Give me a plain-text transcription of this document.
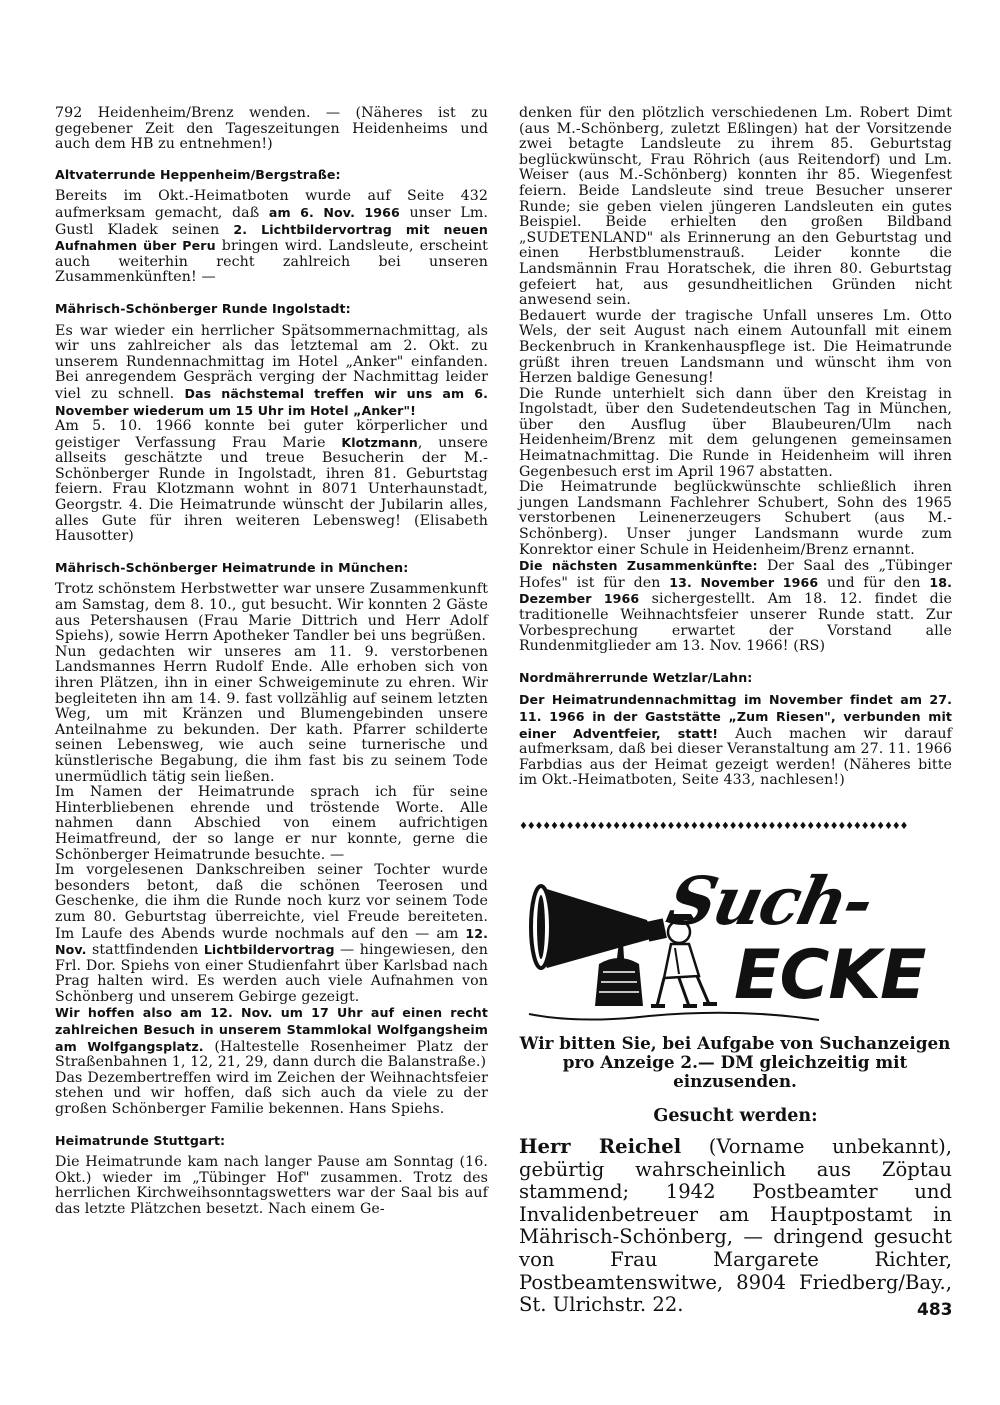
792 Heidenheim/Brenz wenden. — (Näheres ist zu gegebener Zeit den Tageszeitungen Heidenheims und auch dem HB zu entnehmen!)

Altvaterrunde Heppenheim/Bergstraße:

Bereits im Okt.-Heimatboten wurde auf Seite 432 aufmerksam gemacht, daß am 6. Nov. 1966 unser Lm. Gustl Kladek seinen 2. Lichtbildervortrag mit neuen Aufnahmen über Peru bringen wird. Landsleute, erscheint auch weiterhin recht zahlreich bei unseren Zusammenkünften! —

Mährisch-Schönberger Runde Ingolstadt:

Es war wieder ein herrlicher Spätsommernachmittag, als wir uns zahlreicher als das letztemal am 2. Okt. zu unserem Rundennachmittag im Hotel „Anker" einfanden. Bei anregendem Gespräch verging der Nachmittag leider viel zu schnell. Das nächstemal treffen wir uns am 6. November wiederum um 15 Uhr im Hotel „Anker"!

Am 5. 10. 1966 konnte bei guter körperlicher und geistiger Verfassung Frau Marie Klotzmann, unsere allseits geschätzte und treue Besucherin der M.-Schönberger Runde in Ingolstadt, ihren 81. Geburtstag feiern. Frau Klotzmann wohnt in 8071 Unterhaunstadt, Georgstr. 4. Die Heimatrunde wünscht der Jubilarin alles, alles Gute für ihren weiteren Lebensweg! (Elisabeth Hausotter)

Mährisch-Schönberger Heimatrunde in München:

Trotz schönstem Herbstwetter war unsere Zusammenkunft am Samstag, dem 8. 10., gut besucht. Wir konnten 2 Gäste aus Petershausen (Frau Marie Dittrich und Herr Adolf Spiehs), sowie Herrn Apotheker Tandler bei uns begrüßen.

Nun gedachten wir unseres am 11. 9. verstorbenen Landsmannes Herrn Rudolf Ende. Alle erhoben sich von ihren Plätzen, ihn in einer Schweigeminute zu ehren. Wir begleiteten ihn am 14. 9. fast vollzählig auf seinem letzten Weg, um mit Kränzen und Blumengebinden unsere Anteilnahme zu bekunden. Der kath. Pfarrer schilderte seinen Lebensweg, wie auch seine turnerische und künstlerische Begabung, die ihm fast bis zu seinem Tode unermüdlich tätig sein ließen.

Im Namen der Heimatrunde sprach ich für seine Hinterbliebenen ehrende und tröstende Worte. Alle nahmen dann Abschied von einem aufrichtigen Heimatfreund, der so lange er nur konnte, gerne die Schönberger Heimatrunde besuchte. —

Im vorgelesenen Dankschreiben seiner Tochter wurde besonders betont, daß die schönen Teerosen und Geschenke, die ihm die Runde noch kurz vor seinem Tode zum 80. Geburtstag überreichte, viel Freude bereiteten. Im Laufe des Abends wurde nochmals auf den — am 12. Nov. stattfindenden Lichtbildervortrag — hingewiesen, den Frl. Dor. Spiehs von einer Studienfahrt über Karlsbad nach Prag halten wird. Es werden auch viele Aufnahmen von Schönberg und unserem Gebirge gezeigt.

Wir hoffen also am 12. Nov. um 17 Uhr auf einen recht zahlreichen Besuch in unserem Stammlokal Wolfgangsheim am Wolfgangsplatz. (Haltestelle Rosenheimer Platz der Straßenbahnen 1, 12, 21, 29, dann durch die Balanstraße.)

Das Dezembertreffen wird im Zeichen der Weihnachtsfeier stehen und wir hoffen, daß sich auch da viele zu der großen Schönberger Familie bekennen. Hans Spiehs.

Heimatrunde Stuttgart:

Die Heimatrunde kam nach langer Pause am Sonntag (16. Okt.) wieder im „Tübinger Hof" zusammen. Trotz des herrlichen Kirchweihsonntagswetters war der Saal bis auf das letzte Plätzchen besetzt. Nach einem Ge-

denken für den plötzlich verschiedenen Lm. Robert Dimt (aus M.-Schönberg, zuletzt Eßlingen) hat der Vorsitzende zwei betagte Landsleute zu ihrem 85. Geburtstag beglückwünscht, Frau Röhrich (aus Reitendorf) und Lm. Weiser (aus M.-Schönberg) konnten ihr 85. Wiegenfest feiern. Beide Landsleute sind treue Besucher unserer Runde; sie geben vielen jüngeren Landsleuten ein gutes Beispiel. Beide erhielten den großen Bildband „SUDETENLAND" als Erinnerung an den Geburtstag und einen Herbstblumenstrauß. Leider konnte die Landsmännin Frau Horatschek, die ihren 80. Geburtstag gefeiert hat, aus gesundheitlichen Gründen nicht anwesend sein.

Bedauert wurde der tragische Unfall unseres Lm. Otto Wels, der seit August nach einem Autounfall mit einem Beckenbruch in Krankenhauspflege ist. Die Heimatrunde grüßt ihren treuen Landsmann und wünscht ihm von Herzen baldige Genesung!

Die Runde unterhielt sich dann über den Kreistag in Ingolstadt, über den Sudetendeutschen Tag in München, über den Ausflug über Blaubeuren/Ulm nach Heidenheim/Brenz mit dem gelungenen gemeinsamen Heimatnachmittag. Die Runde in Heidenheim will ihren Gegenbesuch erst im April 1967 abstatten.

Die Heimatrunde beglückwünschte schließlich ihren jungen Landsmann Fachlehrer Schubert, Sohn des 1965 verstorbenen Leinenerzeugers Schubert (aus M.-Schönberg). Unser junger Landsmann wurde zum Konrektor einer Schule in Heidenheim/Brenz ernannt.

Die nächsten Zusammenkünfte: Der Saal des „Tübinger Hofes" ist für den 13. November 1966 und für den 18. Dezember 1966 sichergestellt. Am 18. 12. findet die traditionelle Weihnachtsfeier unserer Runde statt. Zur Vorbesprechung erwartet der Vorstand alle Rundenmitglieder am 13. Nov. 1966! (RS)

Nordmährerrunde Wetzlar/Lahn:

Der Heimatrundennachmittag im November findet am 27. 11. 1966 in der Gaststätte „Zum Riesen", verbunden mit einer Adventfeier, statt! Auch machen wir darauf aufmerksam, daß bei dieser Veranstaltung am 27. 11. 1966 Farbdias aus der Heimat gezeigt werden! (Näheres bitte im Okt.-Heimatboten, Seite 433, nachlesen!)

♦♦♦♦♦♦♦♦♦♦♦♦♦♦♦♦♦♦♦♦♦♦♦♦♦♦♦♦♦♦♦♦♦♦♦♦♦♦♦♦♦♦♦♦♦♦♦♦♦♦
Such-
ECKE
Wir bitten Sie, bei Aufgabe von Suchanzeigen pro Anzeige 2.— DM gleichzeitig mit einzusenden.
Gesucht werden:
Herr Reichel (Vorname unbekannt), gebürtig wahrscheinlich aus Zöptau stammend; 1942 Postbeamter und Invalidenbetreuer am Hauptpostamt in Mährisch-Schönberg, — dringend gesucht von Frau Margarete Richter, Postbeamtenswitwe, 8904 Friedberg/Bay., St. Ulrichstr. 22.	483
